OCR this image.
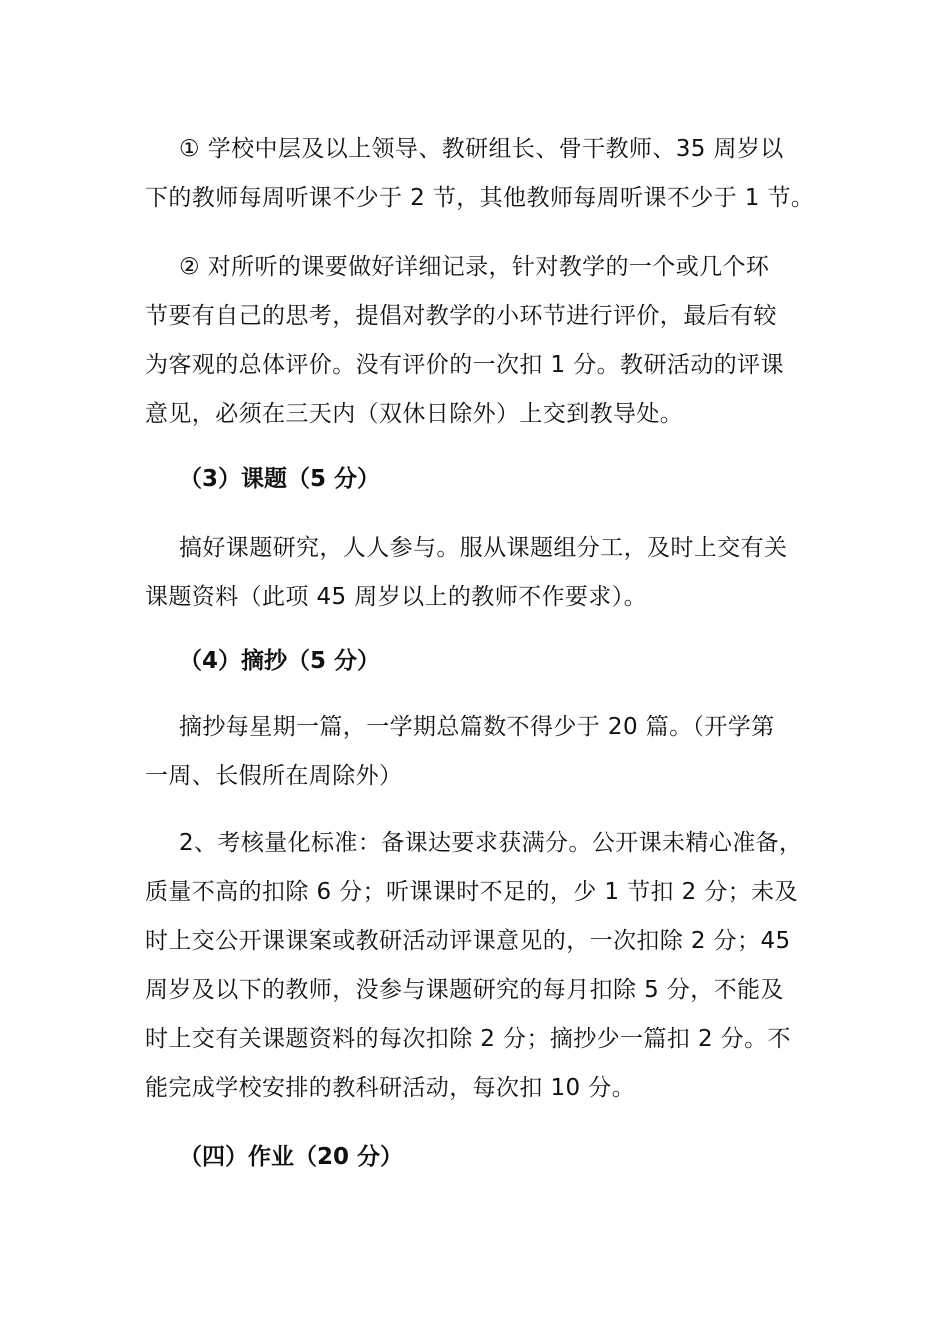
① 学校中层及以上领导、教研组长、骨干教师、35 周岁以
下的教师每周听课不少于 2 节，其他教师每周听课不少于 1 节。

② 对所听的课要做好详细记录，针对教学的一个或几个环
节要有自己的思考，提倡对教学的小环节进行评价，最后有较
为客观的总体评价。没有评价的一次扣 1 分。教研活动的评课
意见，必须在三天内（双休日除外）上交到教导处。

（3）课题（5 分）

搞好课题研究，人人参与。服从课题组分工，及时上交有关
课题资料（此项 45 周岁以上的教师不作要求）。

（4）摘抄（5 分）

摘抄每星期一篇，一学期总篇数不得少于 20 篇。（开学第
一周、长假所在周除外）

2、考核量化标准：备课达要求获满分。公开课未精心准备，
质量不高的扣除 6 分；听课课时不足的，少 1 节扣 2 分；未及
时上交公开课课案或教研活动评课意见的，一次扣除 2 分；45
周岁及以下的教师，没参与课题研究的每月扣除 5 分，不能及
时上交有关课题资料的每次扣除 2 分；摘抄少一篇扣 2 分。不
能完成学校安排的教科研活动，每次扣 10 分。

（四）作业（20 分）
